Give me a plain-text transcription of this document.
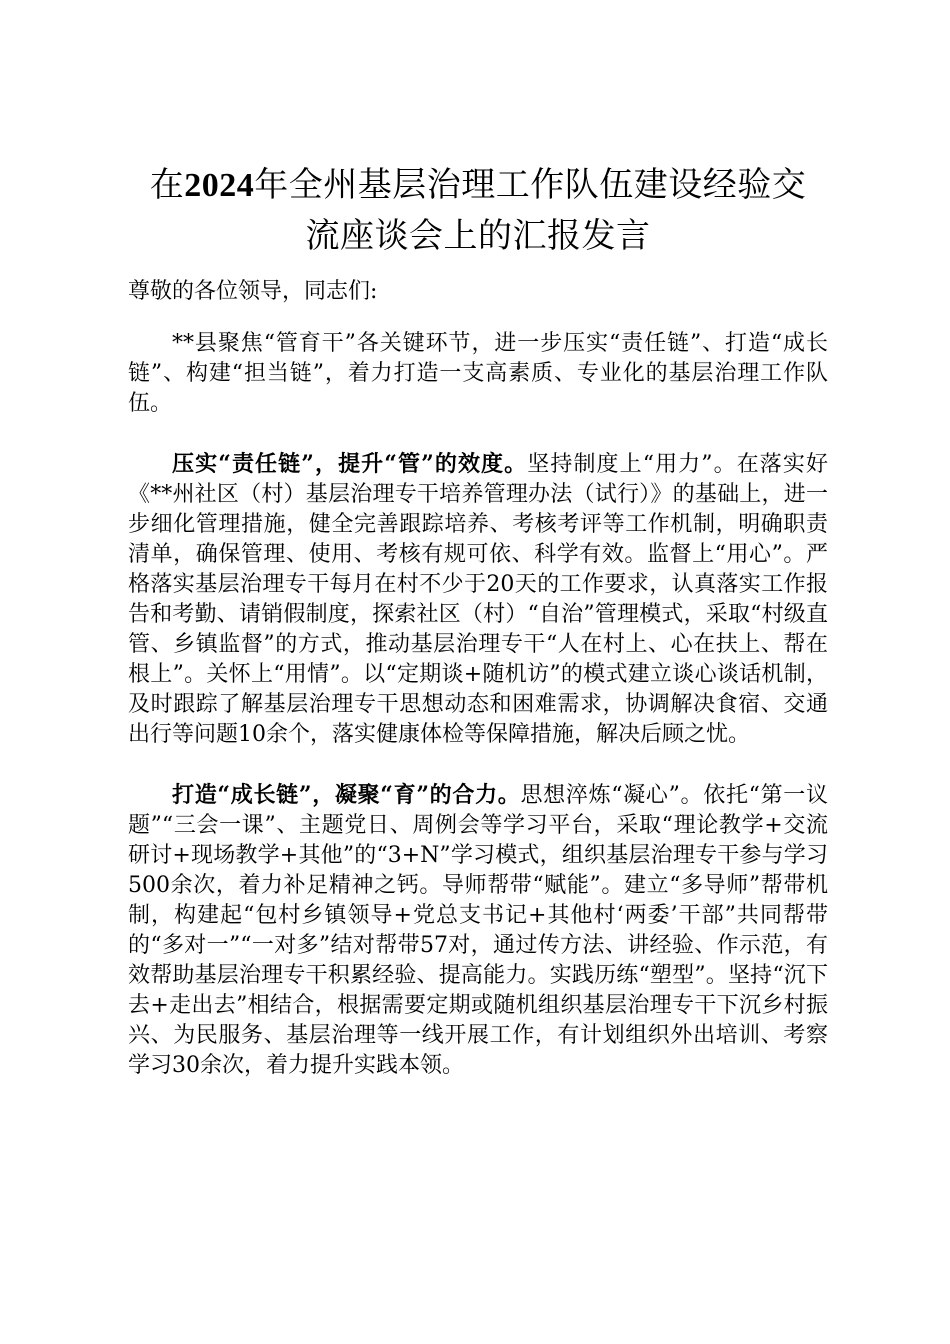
在2024年全州基层治理工作队伍建设经验交
流座谈会上的汇报发言

尊敬的各位领导，同志们:

**县聚焦“管育干”各关键环节，进一步压实“责任链”、打造“成长链”、构建“担当链”，着力打造一支高素质、专业化的基层治理工作队伍。

压实“责任链”，提升“管”的效度。坚持制度上“用力”。在落实好《**州社区（村）基层治理专干培养管理办法（试行）》的基础上，进一步细化管理措施，健全完善跟踪培养、考核考评等工作机制，明确职责清单，确保管理、使用、考核有规可依、科学有效。监督上“用心”。严格落实基层治理专干每月在村不少于20天的工作要求，认真落实工作报告和考勤、请销假制度，探索社区（村）“自治”管理模式，采取“村级直管、乡镇监督”的方式，推动基层治理专干“人在村上、心在扶上、帮在根上”。关怀上“用情”。以“定期谈+随机访”的模式建立谈心谈话机制，及时跟踪了解基层治理专干思想动态和困难需求，协调解决食宿、交通出行等问题10余个，落实健康体检等保障措施，解决后顾之忧。

打造“成长链”，凝聚“育”的合力。思想淬炼“凝心”。依托“第一议题”“三会一课”、主题党日、周例会等学习平台，采取“理论教学+交流研讨+现场教学+其他”的“3+N”学习模式，组织基层治理专干参与学习500余次，着力补足精神之钙。导师帮带“赋能”。建立“多导师”帮带机制，构建起“包村乡镇领导+党总支书记+其他村‘两委’干部”共同帮带的“多对一”“一对多”结对帮带57对，通过传方法、讲经验、作示范，有效帮助基层治理专干积累经验、提高能力。实践历练“塑型”。坚持“沉下去+走出去”相结合，根据需要定期或随机组织基层治理专干下沉乡村振兴、为民服务、基层治理等一线开展工作，有计划组织外出培训、考察学习30余次，着力提升实践本领。
